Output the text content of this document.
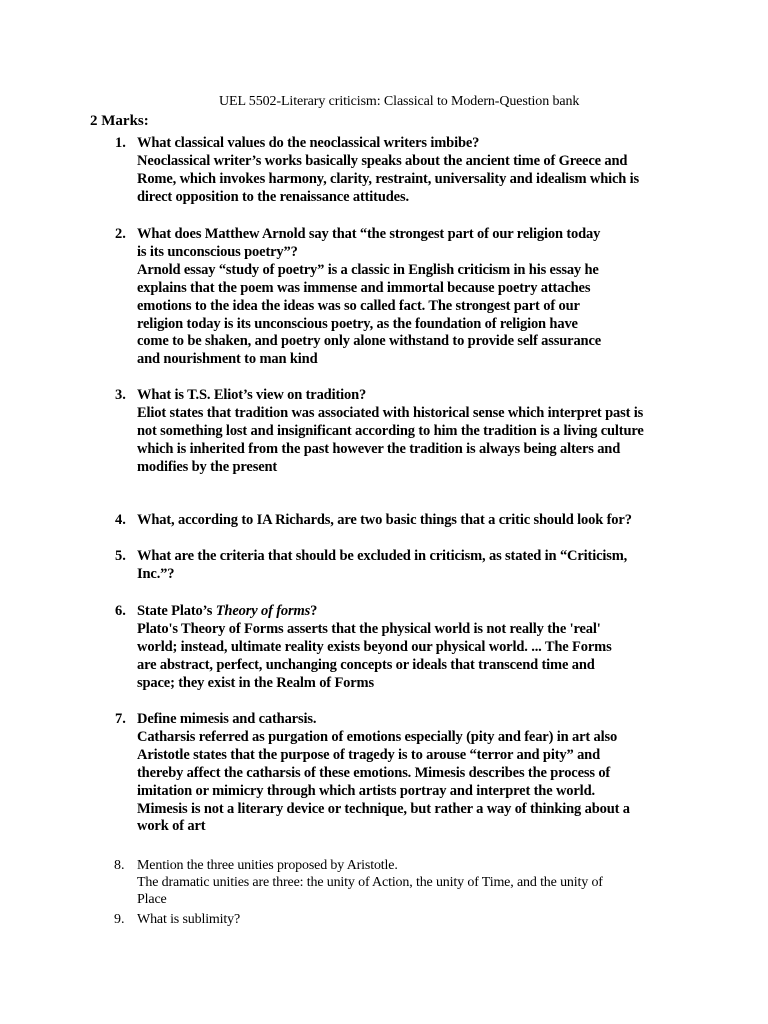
UEL 5502-Literary criticism: Classical to Modern-Question bank
2 Marks:
1. What classical values do the neoclassical writers imbibe?
Neoclassical writer’s works basically speaks about the ancient time of Greece and
Rome, which invokes harmony, clarity, restraint, universality and idealism which is
direct opposition to the renaissance attitudes.
2. What does Matthew Arnold say that “the strongest part of our religion today
is its unconscious poetry”?
Arnold essay “study of poetry” is a classic in English criticism in his essay he
explains that the poem was immense and immortal because poetry attaches
emotions to the idea the ideas was so called fact. The strongest part of our
religion today is its unconscious poetry, as the foundation of religion have
come to be shaken, and poetry only alone withstand to provide self assurance
and nourishment to man kind
3. What is T.S. Eliot’s view on tradition?
Eliot states that tradition was associated with historical sense which interpret past is
not something lost and insignificant according to him the tradition is a living culture
which is inherited from the past however the tradition is always being alters and
modifies by the present
4. What, according to IA Richards, are two basic things that a critic should look for?
5. What are the criteria that should be excluded in criticism, as stated in “Criticism,
Inc.”?
6. State Plato’s Theory of forms?
Plato's Theory of Forms asserts that the physical world is not really the 'real'
world; instead, ultimate reality exists beyond our physical world. ... The Forms
are abstract, perfect, unchanging concepts or ideals that transcend time and
space; they exist in the Realm of Forms
7. Define mimesis and catharsis.
Catharsis referred as purgation of emotions especially (pity and fear) in art also
Aristotle states that the purpose of tragedy is to arouse “terror and pity” and
thereby affect the catharsis of these emotions. Mimesis describes the process of
imitation or mimicry through which artists portray and interpret the world.
Mimesis is not a literary device or technique, but rather a way of thinking about a
work of art
8. Mention the three unities proposed by Aristotle.
The dramatic unities are three: the unity of Action, the unity of Time, and the unity of
Place
9. What is sublimity?
